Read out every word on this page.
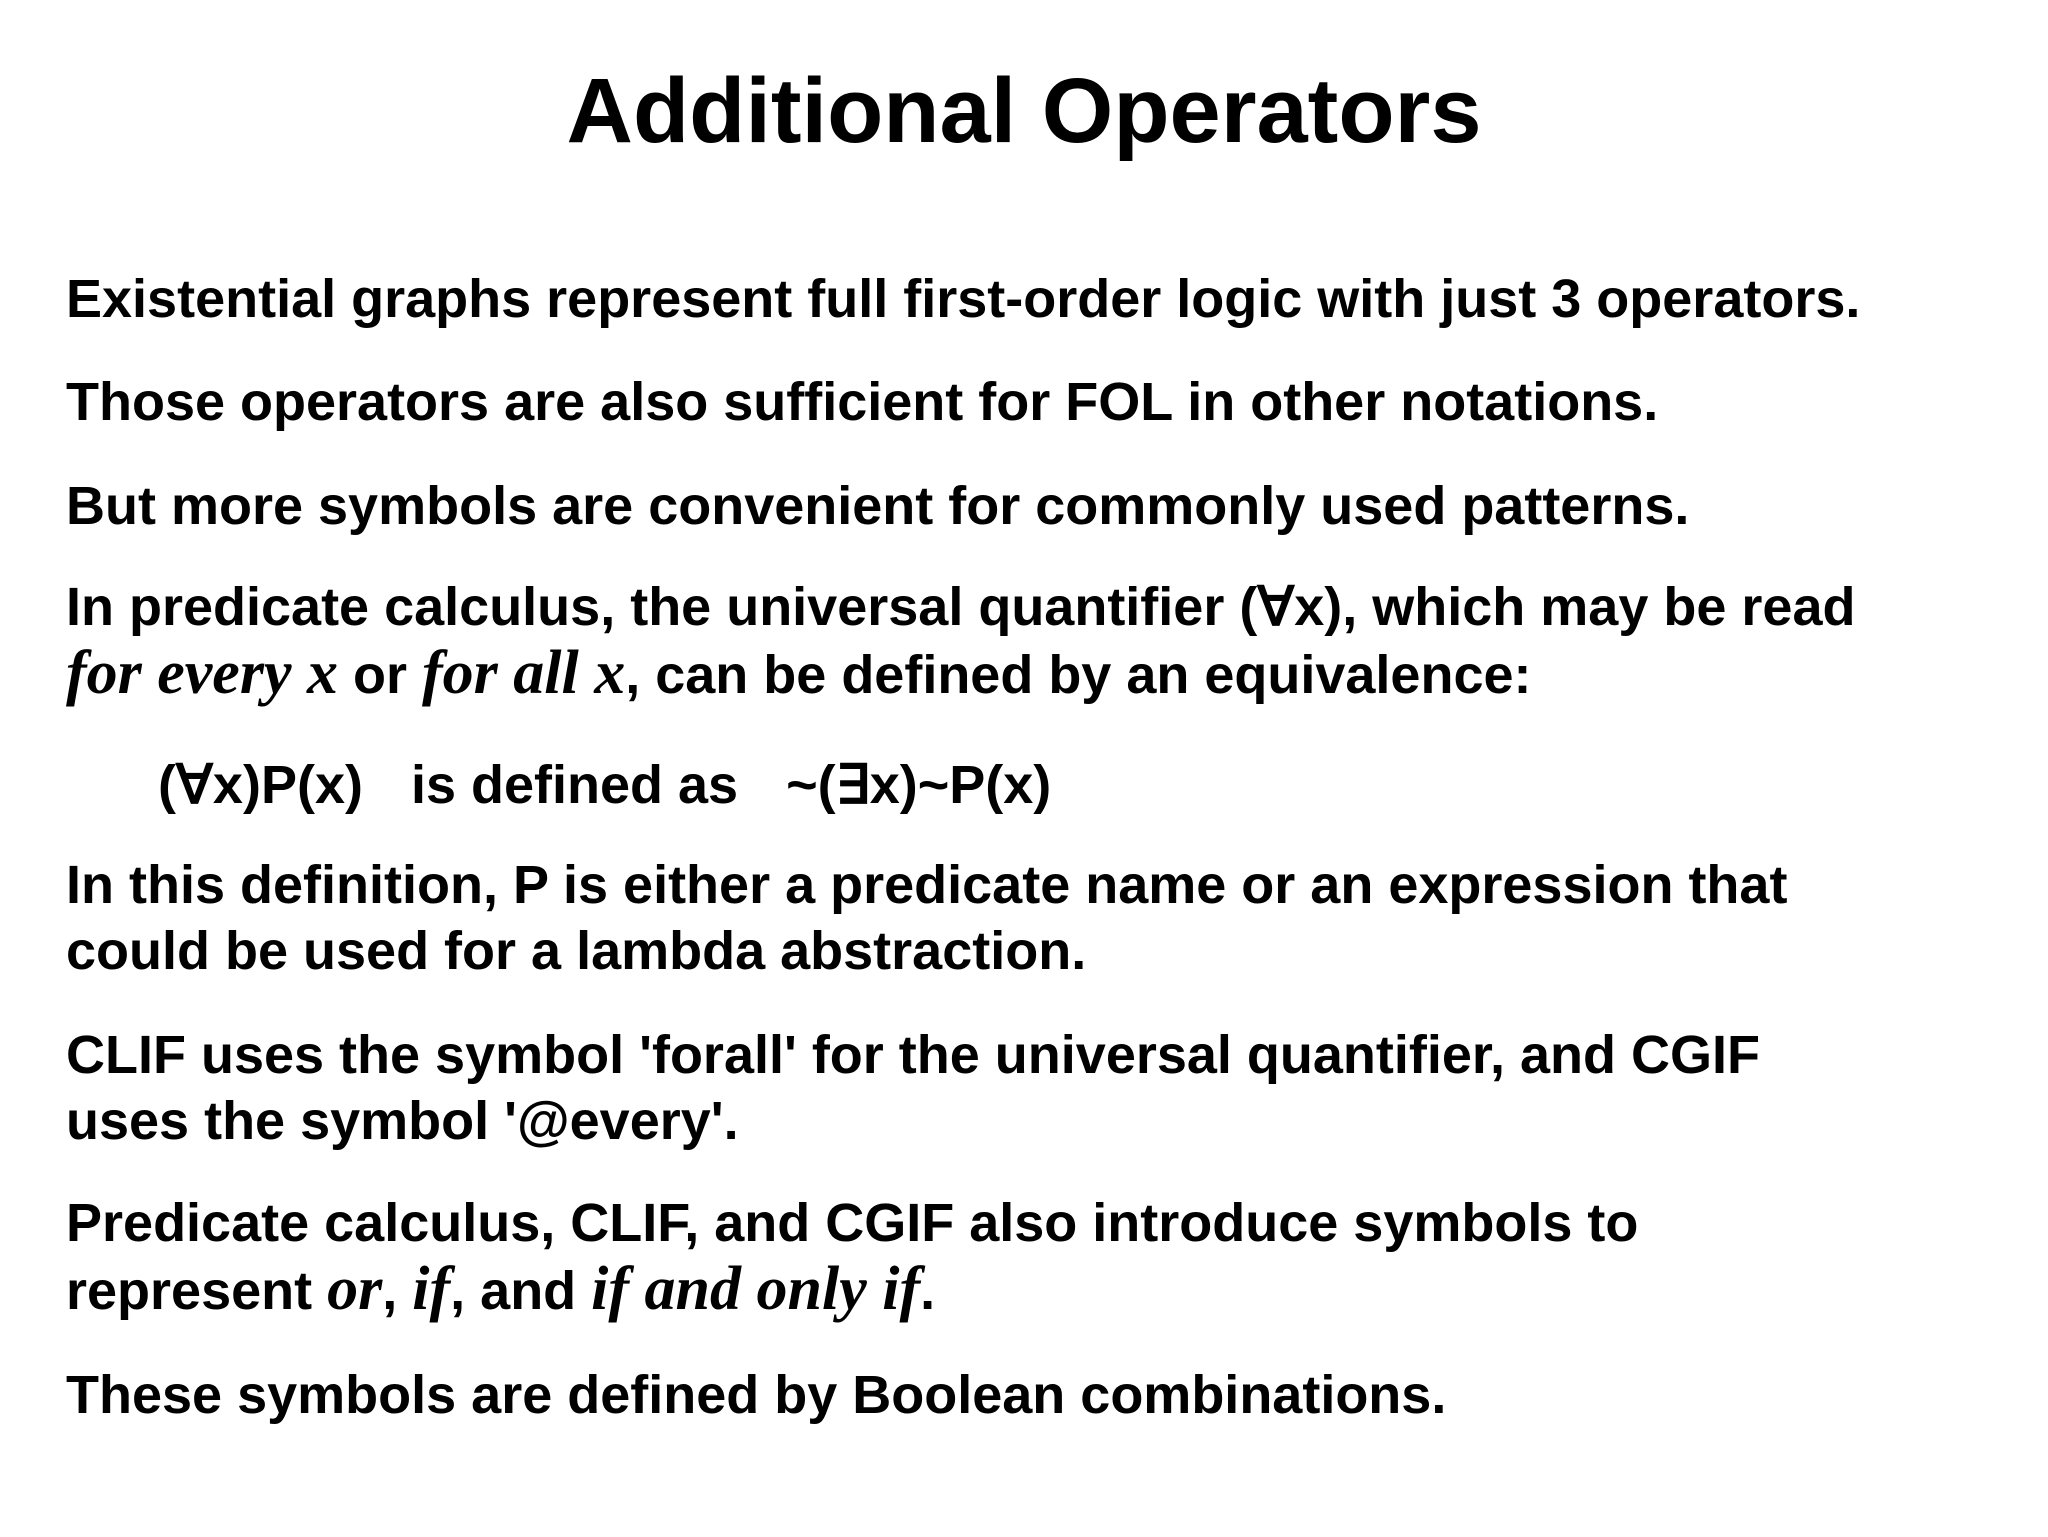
Additional Operators

Existential graphs represent full first-order logic with just 3 operators.

Those operators are also sufficient for FOL in other notations.

But more symbols are convenient for commonly used patterns.

In predicate calculus, the universal quantifier (∀x), which may be read
for every x or for all x, can be defined by an equivalence:

(∀x)P(x) is defined as ~(∃x)~P(x)

In this definition, P is either a predicate name or an expression that
could be used for a lambda abstraction.

CLIF uses the symbol 'forall' for the universal quantifier, and CGIF
uses the symbol '@every'.

Predicate calculus, CLIF, and CGIF also introduce symbols to
represent or, if, and if and only if.

These symbols are defined by Boolean combinations.
